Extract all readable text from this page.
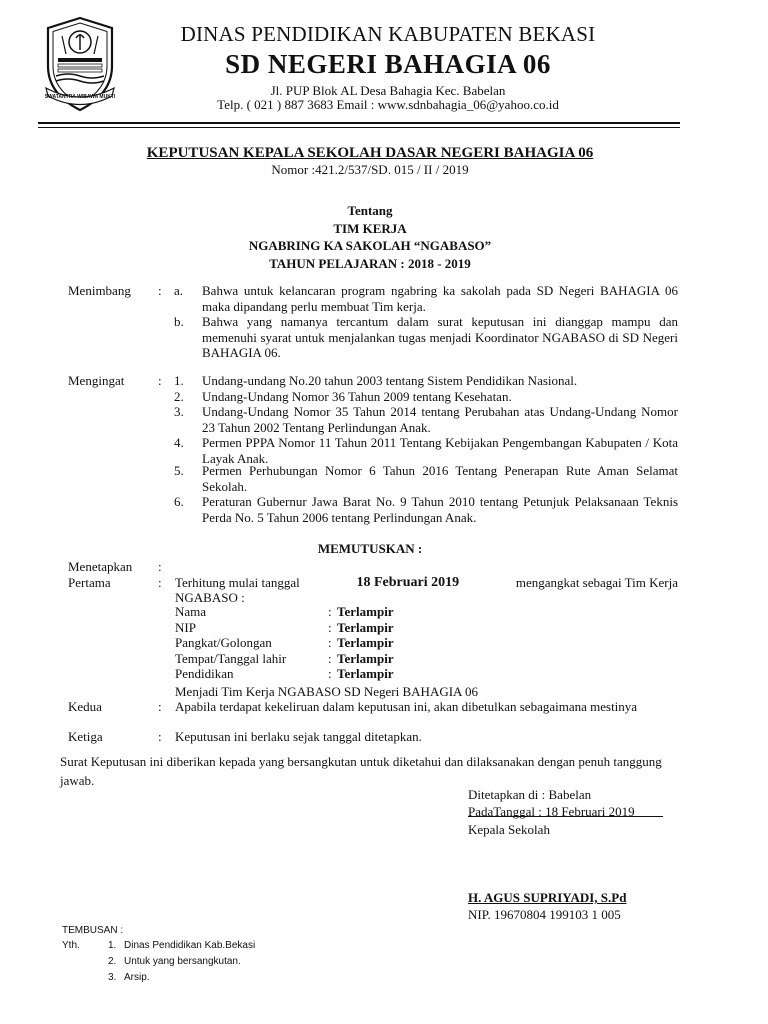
SWATANTRA WIBAWA MUKTI
DINAS PENDIDIKAN KABUPATEN BEKASI
SD NEGERI BAHAGIA 06
Jl. PUP Blok AL Desa Bahagia Kec. Babelan
Telp. ( 021 ) 887 3683 Email : www.sdnbahagia_06@yahoo.co.id
KEPUTUSAN KEPALA SEKOLAH DASAR NEGERI BAHAGIA 06
Nomor :421.2/537/SD. 015 / II / 2019
Tentang
TIM KERJA
NGABRING KA SAKOLAH “NGABASO”
TAHUN PELAJARAN : 2018 - 2019
Menimbang : a. Bahwa untuk kelancaran program ngabring ka sakolah pada SD Negeri BAHAGIA 06 maka dipandang perlu membuat Tim kerja.
b. Bahwa yang namanya tercantum dalam surat keputusan ini dianggap mampu dan memenuhi syarat untuk menjalankan tugas menjadi Koordinator NGABASO di SD Negeri BAHAGIA 06.
Mengingat	: 1. Undang-undang No.20 tahun 2003 tentang Sistem Pendidikan Nasional.
2. Undang-Undang Nomor 36 Tahun 2009 tentang Kesehatan.
3. Undang-Undang Nomor 35 Tahun 2014 tentang Perubahan atas Undang-Undang Nomor 23 Tahun 2002 Tentang Perlindungan Anak.
4. Permen PPPA Nomor 11 Tahun 2011 Tentang Kebijakan Pengembangan Kabupaten / Kota Layak Anak.
5. Permen Perhubungan Nomor 6 Tahun 2016 Tentang Penerapan Rute Aman Selamat Sekolah.
6. Peraturan Gubernur Jawa Barat No. 9 Tahun 2010 tentang Petunjuk Pelaksanaan Teknis Perda No. 5 Tahun 2006 tentang Perlindungan Anak.
MEMUTUSKAN :
Menetapkan :
Pertama	: Terhitung mulai tanggal	18 Februari 2019	mengangkat sebagai Tim Kerja
NGABASO :
Nama	: Terlampir
NIP	: Terlampir
Pangkat/Golongan	: Terlampir
Tempat/Tanggal lahir	: Terlampir
Pendidikan	: Terlampir
Menjadi Tim Kerja NGABASO SD Negeri BAHAGIA 06
Kedua	: Apabila terdapat kekeliruan dalam keputusan ini, akan dibetulkan sebagaimana mestinya
Ketiga	: Keputusan ini berlaku sejak tanggal ditetapkan.
Surat Keputusan ini diberikan kepada yang bersangkutan untuk diketahui dan dilaksanakan dengan penuh tanggung jawab.
Ditetapkan di : Babelan
PadaTanggal : 18 Februari 2019
Kepala Sekolah
H. AGUS SUPRIYADI, S.Pd
NIP. 19670804 199103 1 005
TEMBUSAN :
Yth.	1. Dinas Pendidikan Kab.Bekasi
2. Untuk yang bersangkutan.
3. Arsip.
